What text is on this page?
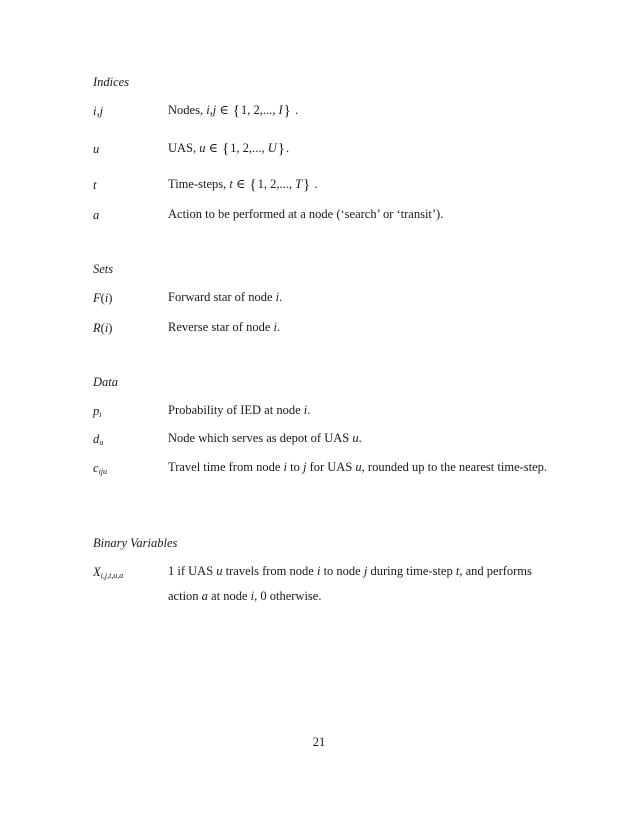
Indices
i,j	Nodes, i,j ∈ {1, 2,..., I} .
u	UAS, u ∈ {1, 2,..., U}.
t	Time-steps, t ∈ {1, 2,..., T} .
a	Action to be performed at a node (‘search’ or ‘transit’).
Sets
F(i)	Forward star of node i.
R(i)	Reverse star of node i.
Data
$p_i$	Probability of IED at node i.
$d_u$	Node which serves as depot of UAS u.
$c_{iju}$	Travel time from node i to j for UAS u, rounded up to the nearest time-step.
Binary Variables
$X_{i,j,t,u,a}$	1 if UAS u travels from node i to node j during time-step t, and performs action a at node i, 0 otherwise.
21
